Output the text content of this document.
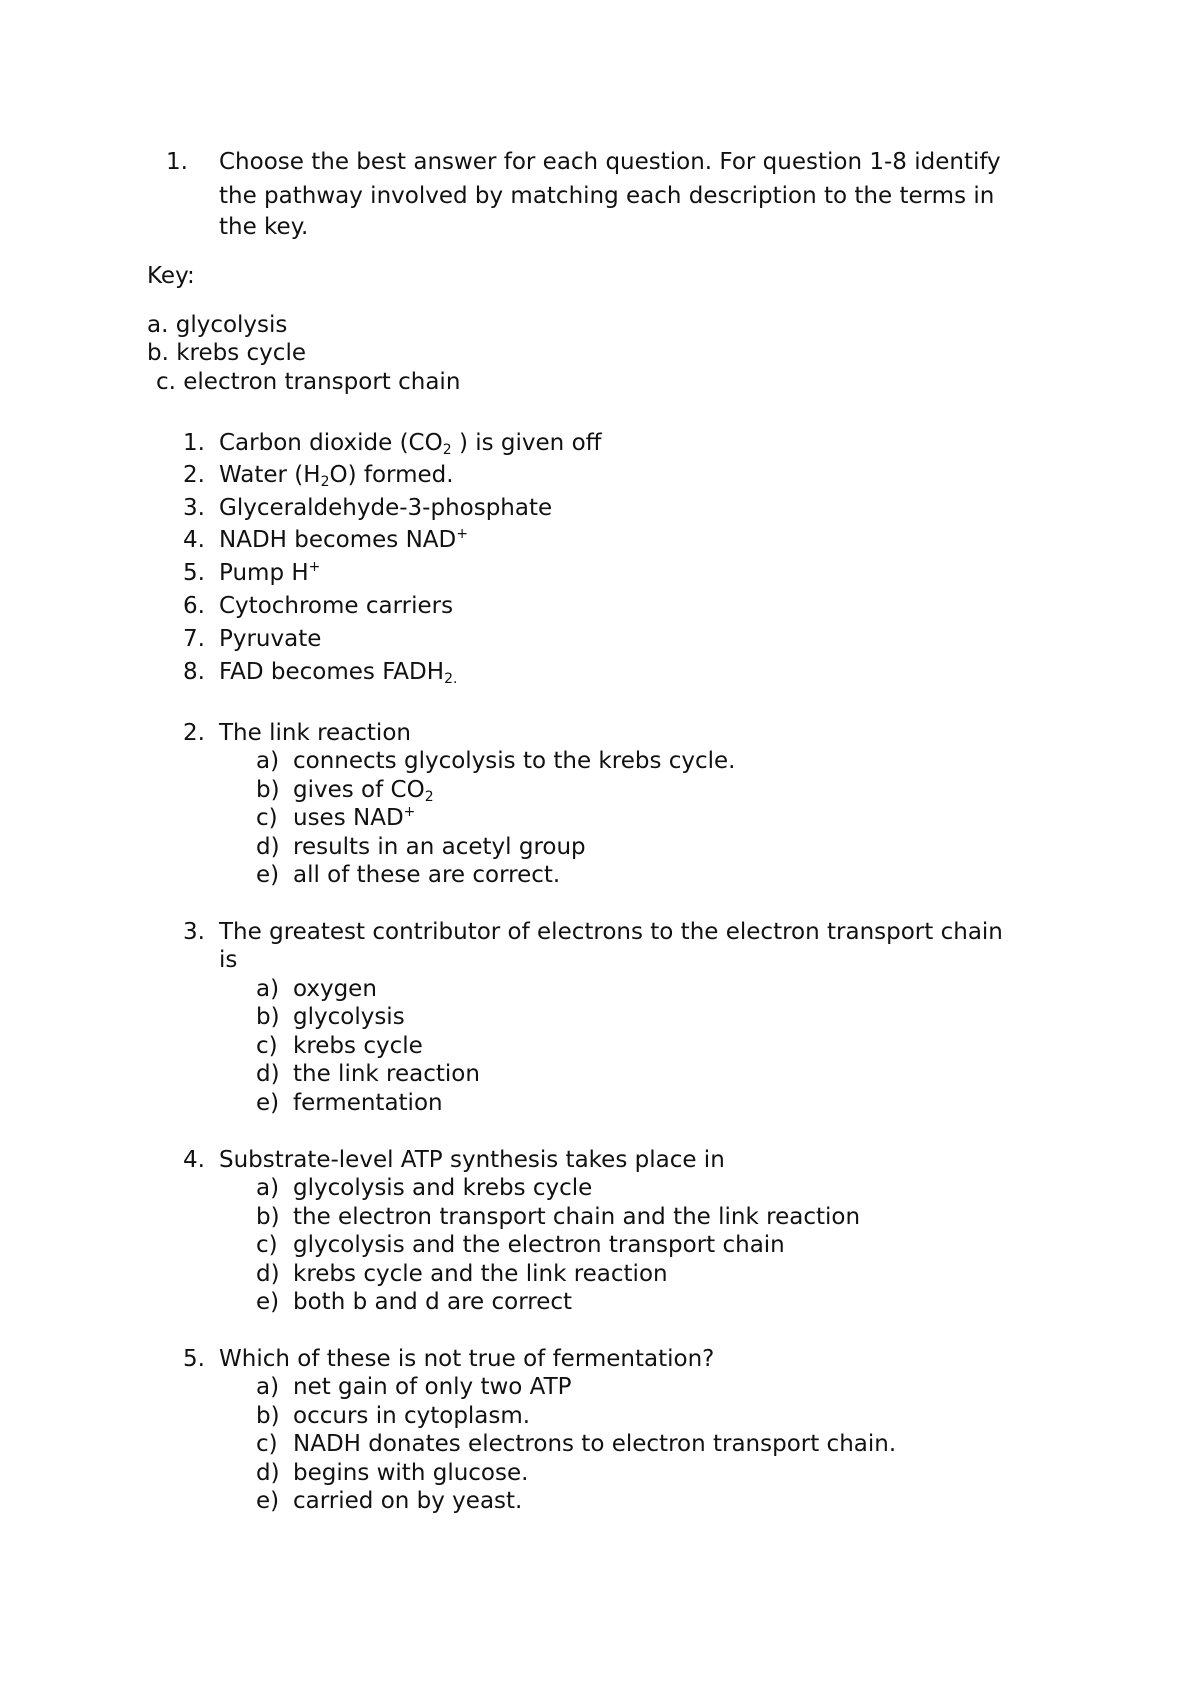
1. Choose the best answer for each question. For question 1-8 identify
the pathway involved by matching each description to the terms in
the key.
Key:
a. glycolysis
b. krebs cycle
c. electron transport chain
1. Carbon dioxide ($CO_2$ ) is given off
2. Water $(H_2O)$ formed.
3. Glyceraldehyde-3-phosphate
4. NADH becomes NAD+
5. Pump H+
6. Cytochrome carriers
7. Pyruvate
8. FAD becomes $FADH_{2.}$
2. The link reaction
a) connects glycolysis to the krebs cycle.
b) gives of $CO_2$
c) uses NAD+
d) results in an acetyl group
e) all of these are correct.
3. The greatest contributor of electrons to the electron transport chain
is
a) oxygen
b) glycolysis
c) krebs cycle
d) the link reaction
e) fermentation
4. Substrate-level ATP synthesis takes place in
a) glycolysis and krebs cycle
b) the electron transport chain and the link reaction
c) glycolysis and the electron transport chain
d) krebs cycle and the link reaction
e) both b and d are correct
5. Which of these is not true of fermentation?
a) net gain of only two ATP
b) occurs in cytoplasm.
c) NADH donates electrons to electron transport chain.
d) begins with glucose.
e) carried on by yeast.
